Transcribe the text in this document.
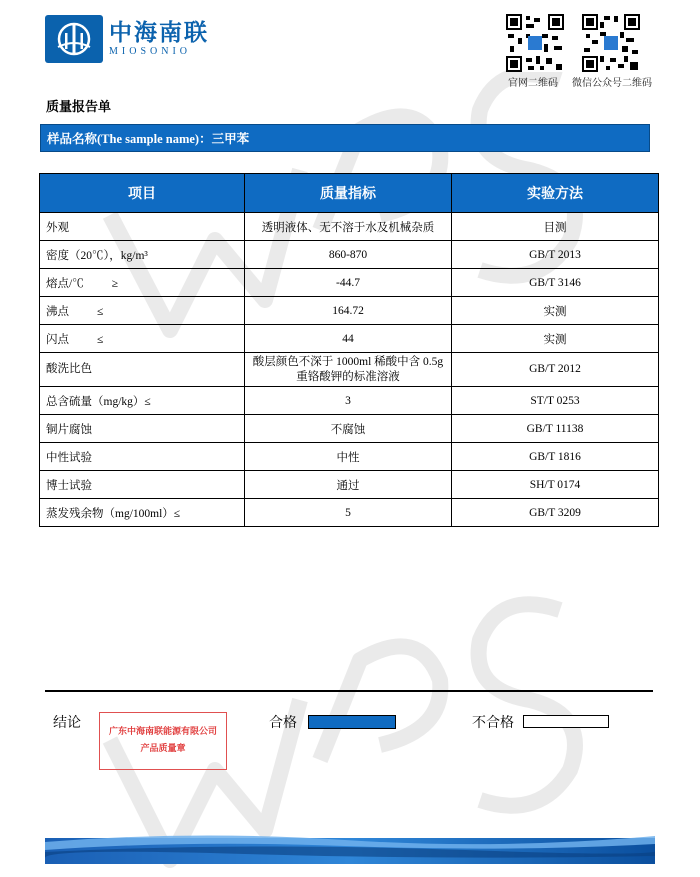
中海南联
MIOSONIO
官网二维码 微信公众号二维码
质量报告单
样品名称(The sample name)：三甲苯
项目	质量指标	实验方法
外观	透明液体、无不溶于水及机械杂质	目测
密度（20℃），kg/m³	860-870	GB/T 2013
熔点/℃ ≥	-44.7	GB/T 3146
沸点 ≤	164.72	实测
闪点 ≤	44	实测
酸洗比色	酸层颜色不深于 1000ml 稀酸中含 0.5g 重铬酸钾的标准溶液	GB/T 2012
总含硫量（mg/kg）≤	3	ST/T 0253
铜片腐蚀	不腐蚀	GB/T 11138
中性试验	中性	GB/T 1816
博士试验	通过	SH/T 0174
蒸发残余物（mg/100ml）≤	5	GB/T 3209
结论
广东中海南联能源有限公司
产品质量章
合格	不合格
